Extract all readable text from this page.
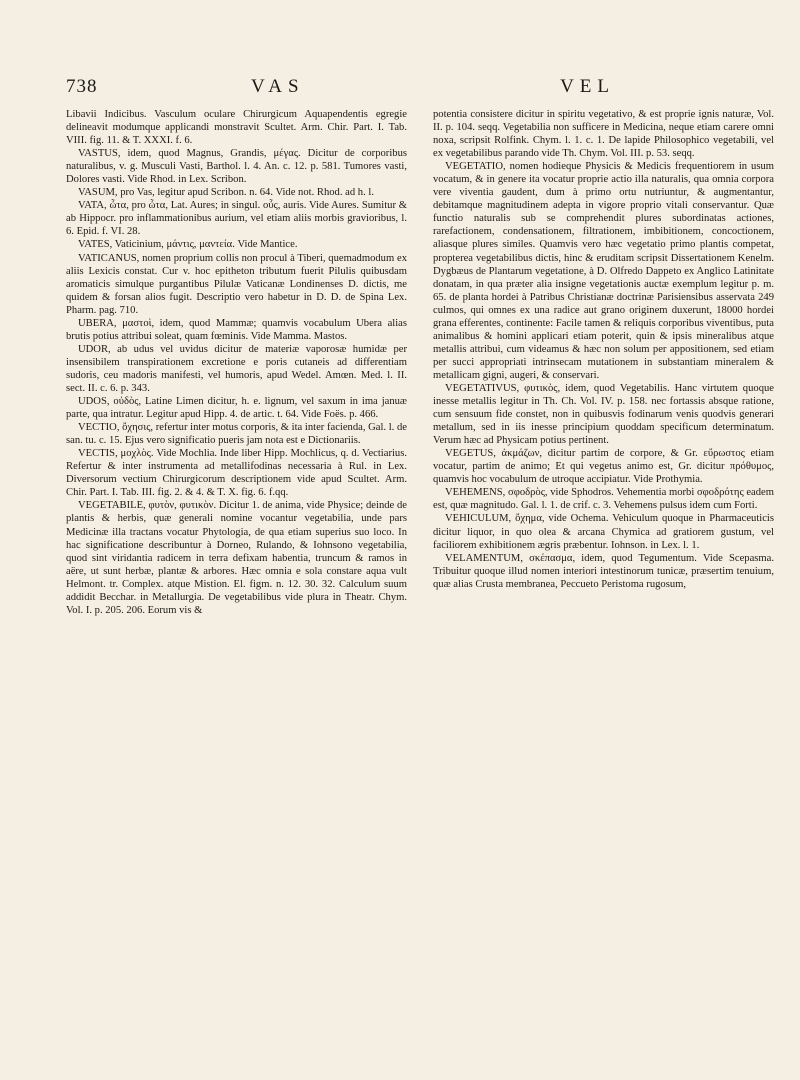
738	VAS	VEL

Libavii Indicibus. Vasculum oculare Chirurgicum Aquapendentis egregie delineavit modumque applicandi monstravit Scultet. Arm. Chir. Part. I. Tab. VIII. fig. 11. & T. XXXI. f. 6.

VASTUS, idem, quod Magnus, Grandis, μέγας. Dicitur de corporibus naturalibus, v. g. Musculi Vasti, Barthol. l. 4. An. c. 12. p. 581. Tumores vasti, Dolores vasti. Vide Rhod. in Lex. Scribon.

VASUM, pro Vas, legitur apud Scribon. n. 64. Vide not. Rhod. ad h. l.

VATA, ὦτα, pro ὦτα, Lat. Aures; in singul. οὖς, auris. Vide Aures. Sumitur & ab Hippocr. pro inflammationibus aurium, vel etiam aliis morbis gravioribus, l. 6. Epid. f. VI. 28.

VATES, Vaticinium, μάντις, μαντεία. Vide Mantice.

VATICANUS, nomen proprium collis non procul à Tiberi, quemadmodum ex aliis Lexicis constat. Cur v. hoc epitheton tributum fuerit Pilulis quibusdam aromaticis simulque purgantibus Pilulæ Vaticanæ Londinenses D. dictis, me quidem & forsan alios fugit. Descriptio vero habetur in D. D. de Spina Lex. Pharm. pag. 710.

UBERA, μαστοὶ, idem, quod Mammæ; quamvis vocabulum Ubera alias brutis potius attribui soleat, quam fœminis. Vide Mamma. Mastos.

UDOR, ab udus vel uvidus dicitur de materiæ vaporosæ humidæ per insensibilem transpirationem excretione e poris cutaneis ad differentiam sudoris, ceu madoris manifesti, vel humoris, apud Wedel. Amœn. Med. l. II. sect. II. c. 6. p. 343.

UDOS, οὐδὸς, Latine Limen dicitur, h. e. lignum, vel saxum in ima januæ parte, qua intratur. Legitur apud Hipp. 4. de artic. t. 64. Vide Foës. p. 466.

VECTIO, ὄχησις, refertur inter motus corporis, & ita inter facienda, Gal. l. de san. tu. c. 15. Ejus vero significatio pueris jam nota est e Dictionariis.

VECTIS, μοχλὸς. Vide Mochlia. Inde liber Hipp. Mochlicus, q. d. Vectiarius. Refertur & inter instrumenta ad metallifodinas necessaria à Rul. in Lex. Diversorum vectium Chirurgicorum descriptionem vide apud Scultet. Arm. Chir. Part. I. Tab. III. fig. 2. & 4. & T. X. fig. 6. f.qq.

VEGETABILE, φυτὸν, φυτικὸν. Dicitur 1. de anima, vide Physice; deinde de plantis & herbis, quæ generali nomine vocantur vegetabilia, unde pars Medicinæ illa tractans vocatur Phytologia, de qua etiam superius suo loco. In hac significatione describuntur à Dorneo, Rulando, & Iohnsono vegetabilia, quod sint viridantia radicem in terra defixam habentia, truncum & ramos in aëre, ut sunt herbæ, plantæ & arbores. Hæc omnia e sola constare aqua vult Helmont. tr. Complex. atque Mistion. El. figm. n. 12. 30. 32. Calculum suum addidit Becchar. in Metallurgia. De vegetabilibus vide plura in Theatr. Chym. Vol. I. p. 205. 206. Eorum vis &

potentia consistere dicitur in spiritu vegetativo, & est proprie ignis naturæ, Vol. II. p. 104. seqq. Vegetabilia non sufficere in Medicina, neque etiam carere omni noxa, scripsit Rolfink. Chym. l. 1. c. 1. De lapide Philosophico vegetabili, vel ex vegetabilibus parando vide Th. Chym. Vol. III. p. 53. seqq.

VEGETATIO, nomen hodieque Physicis & Medicis frequentiorem in usum vocatum, & in genere ita vocatur proprie actio illa naturalis, qua omnia corpora vere viventia gaudent, dum à primo ortu nutriuntur, & augmentantur, debitamque magnitudinem adepta in vigore proprio vitali conservantur. Quæ functio naturalis sub se comprehendit plures subordinatas actiones, rarefactionem, condensationem, filtrationem, imbibitionem, concoctionem, aliasque plures similes. Quamvis vero hæc vegetatio primo plantis competat, propterea vegetabilibus dictis, hinc & eruditam scripsit Dissertationem Kenelm. Dygbæus de Plantarum vegetatione, à D. Olfredo Dappeto ex Anglico Latinitate donatam, in qua præter alia insigne vegetationis auctæ exemplum legitur p. m. 65. de planta hordei à Patribus Christianæ doctrinæ Parisiensibus asservata 249 culmos, qui omnes ex una radice aut grano originem duxerunt, 18000 hordei grana efferentes, continente: Facile tamen & reliquis corporibus viventibus, puta animalibus & homini applicari etiam poterit, quin & ipsis mineralibus atque metallis attribui, cum videamus & hæc non solum per appositionem, sed etiam per succi appropriati intrinsecam mutationem in substantiam mineralem & metallicam gigni, augeri, & conservari.

VEGETATIVUS, φυτικὸς, idem, quod Vegetabilis. Hanc virtutem quoque inesse metallis legitur in Th. Ch. Vol. IV. p. 158. nec fortassis absque ratione, cum sensuum fide constet, non in quibusvis fodinarum venis quodvis generari metallum, sed in iis inesse principium quoddam specificum determinatum. Verum hæc ad Physicam potius pertinent.

VEGETUS, ἀκμάζων, dicitur partim de corpore, & Gr. εὔρωστος etiam vocatur, partim de animo; Et qui vegetus animo est, Gr. dicitur πρόθυμος, quamvis hoc vocabulum de utroque accipiatur. Vide Prothymia.

VEHEMENS, σφοδρὸς, vide Sphodros. Vehementia morbi σφοδρότης eadem est, quæ magnitudo. Gal. l. 1. de crif. c. 3. Vehemens pulsus idem cum Forti.

VEHICULUM, ὄχημα, vide Ochema. Vehiculum quoque in Pharmaceuticis dicitur liquor, in quo olea & arcana Chymica ad gratiorem gustum, vel faciliorem exhibitionem ægris præbentur. Iohnson. in Lex. l. 1.

VELAMENTUM, σκέπασμα, idem, quod Tegumentum. Vide Scepasma. Tribuitur quoque illud nomen interiori intestinorum tunicæ, præsertim tenuium, quæ alias Crusta membranea, Peccueto Peristoma rugosum,
